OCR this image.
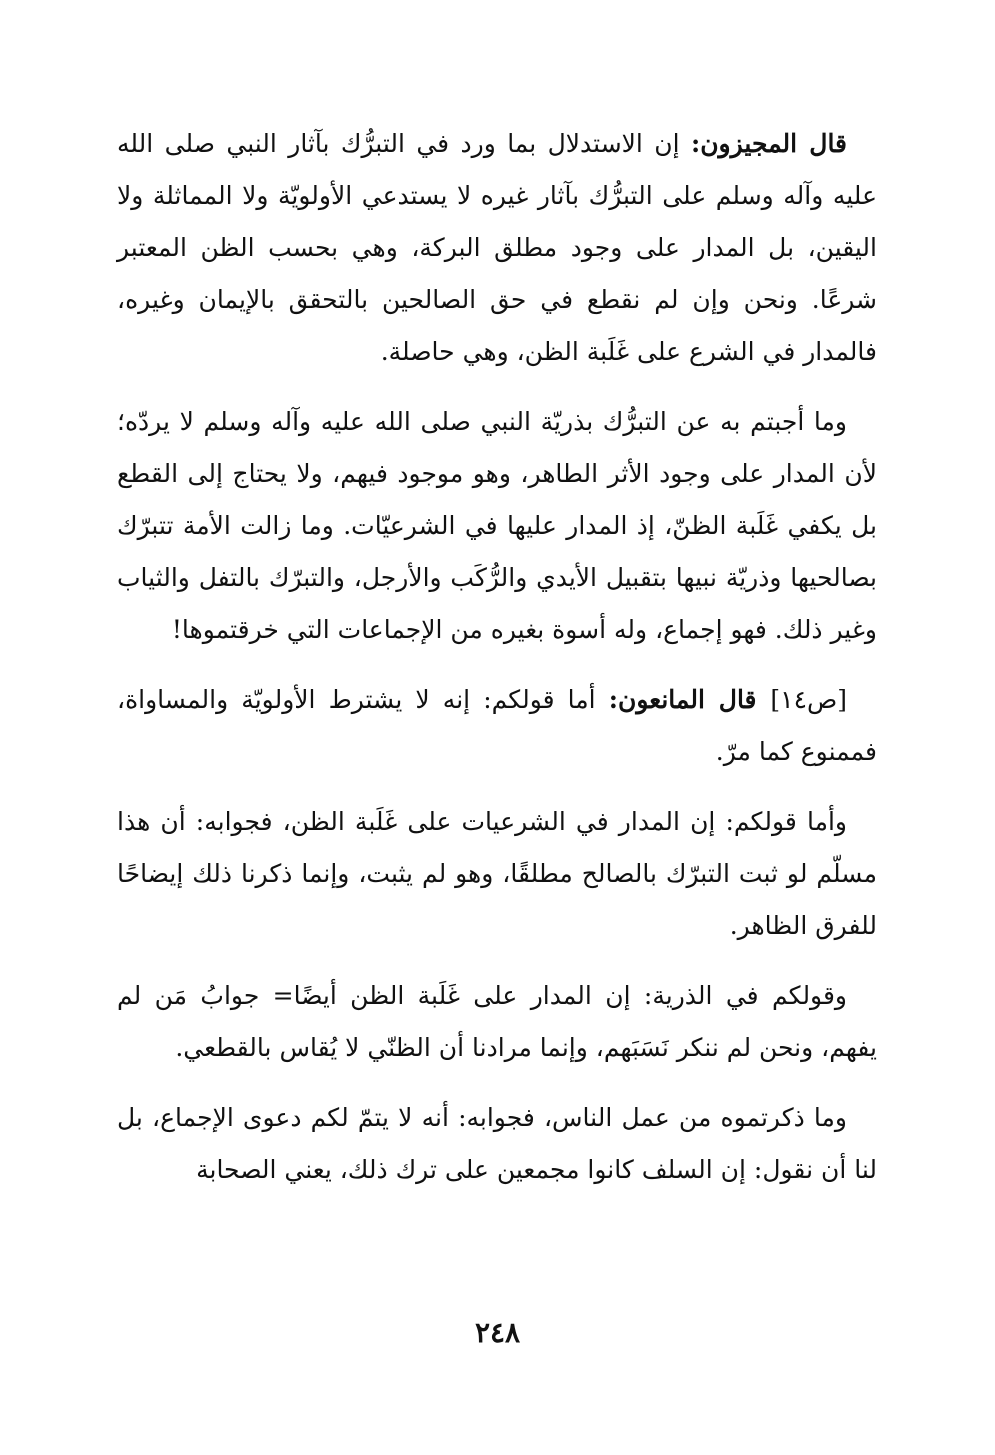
قال المجيزون: إن الاستدلال بما ورد في التبرُّك بآثار النبي صلى الله عليه وآله وسلم على التبرُّك بآثار غيره لا يستدعي الأولويّة ولا المماثلة ولا اليقين، بل المدار على وجود مطلق البركة، وهي بحسب الظن المعتبر شرعًا. ونحن وإن لم نقطع في حق الصالحين بالتحقق بالإيمان وغيره، فالمدار في الشرع على غَلَبة الظن، وهي حاصلة.

وما أجبتم به عن التبرُّك بذريّة النبي صلى الله عليه وآله وسلم لا يردّه؛ لأن المدار على وجود الأثر الطاهر، وهو موجود فيهم، ولا يحتاج إلى القطع بل يكفي غَلَبة الظنّ، إذ المدار عليها في الشرعيّات. وما زالت الأمة تتبرّك بصالحيها وذريّة نبيها بتقبيل الأيدي والرُّكَب والأرجل، والتبرّك بالتفل والثياب وغير ذلك. فهو إجماع، وله أسوة بغيره من الإجماعات التي خرقتموها!

[ص١٤] قال المانعون: أما قولكم: إنه لا يشترط الأولويّة والمساواة، فممنوع كما مرّ.

وأما قولكم: إن المدار في الشرعيات على غَلَبة الظن، فجوابه: أن هذا مسلّم لو ثبت التبرّك بالصالح مطلقًا، وهو لم يثبت، وإنما ذكرنا ذلك إيضاحًا للفرق الظاهر.

وقولكم في الذرية: إن المدار على غَلَبة الظن أيضًا= جوابُ مَن لم يفهم، ونحن لم ننكر نَسَبَهم، وإنما مرادنا أن الظنّي لا يُقاس بالقطعي.

وما ذكرتموه من عمل الناس، فجوابه: أنه لا يتمّ لكم دعوى الإجماع، بل لنا أن نقول: إن السلف كانوا مجمعين على ترك ذلك، يعني الصحابة

٢٤٨
